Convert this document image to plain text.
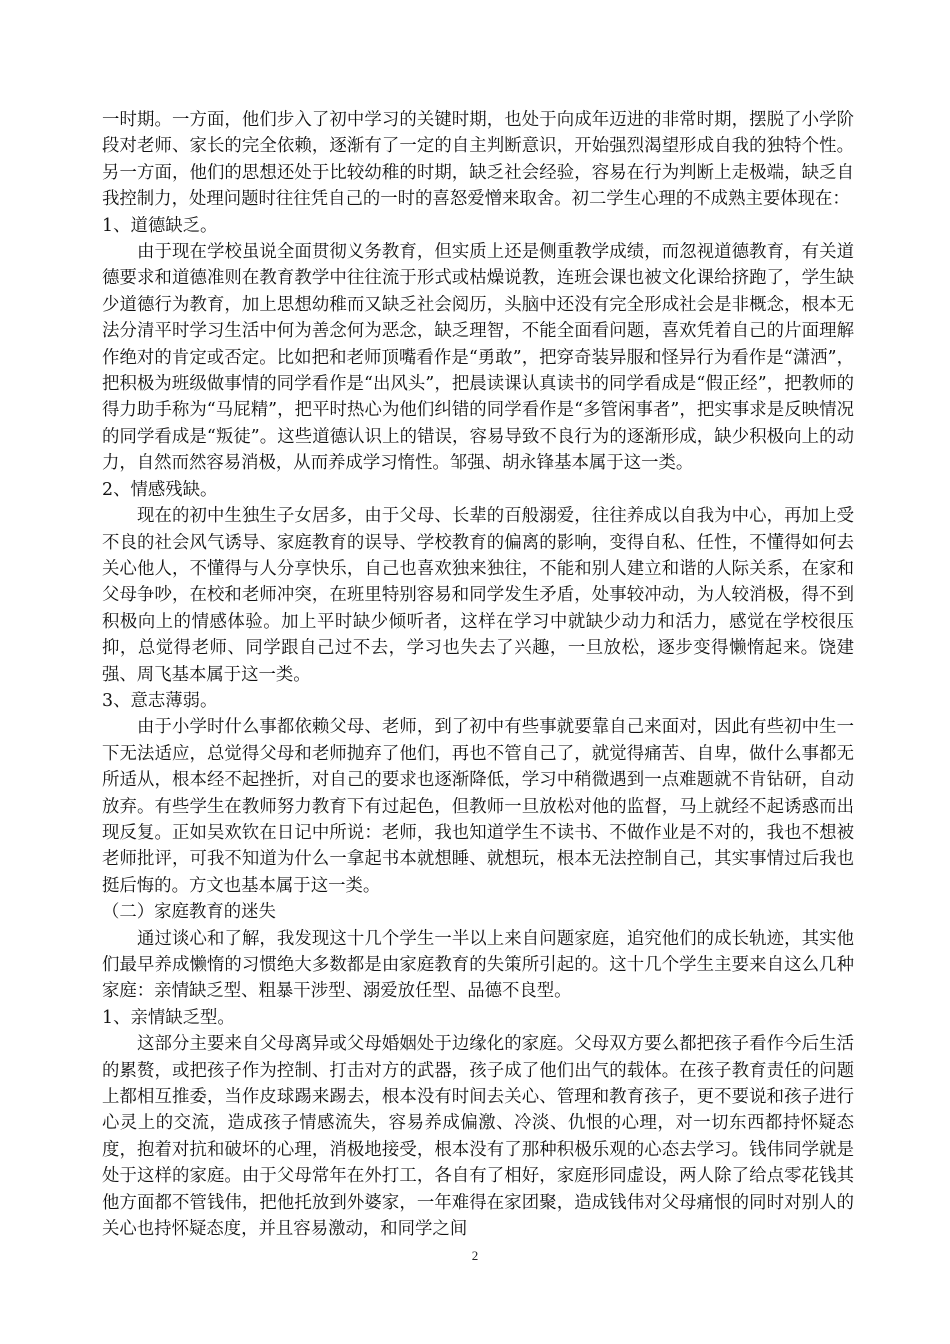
一时期。一方面，他们步入了初中学习的关键时期，也处于向成年迈进的非常时期，摆脱了小学阶段对老师、家长的完全依赖，逐渐有了一定的自主判断意识，开始强烈渴望形成自我的独特个性。另一方面，他们的思想还处于比较幼稚的时期，缺乏社会经验，容易在行为判断上走极端，缺乏自我控制力，处理问题时往往凭自己的一时的喜怒爱憎来取舍。初二学生心理的不成熟主要体现在：

1、道德缺乏。

由于现在学校虽说全面贯彻义务教育，但实质上还是侧重教学成绩，而忽视道德教育，有关道德要求和道德准则在教育教学中往往流于形式或枯燥说教，连班会课也被文化课给挤跑了，学生缺少道德行为教育，加上思想幼稚而又缺乏社会阅历，头脑中还没有完全形成社会是非概念，根本无法分清平时学习生活中何为善念何为恶念，缺乏理智，不能全面看问题，喜欢凭着自己的片面理解作绝对的肯定或否定。比如把和老师顶嘴看作是“勇敢”，把穿奇装异服和怪异行为看作是“潇洒”，把积极为班级做事情的同学看作是“出风头”，把晨读课认真读书的同学看成是“假正经”，把教师的得力助手称为“马屁精”，把平时热心为他们纠错的同学看作是“多管闲事者”，把实事求是反映情况的同学看成是“叛徒”。这些道德认识上的错误，容易导致不良行为的逐渐形成，缺少积极向上的动力，自然而然容易消极，从而养成学习惰性。邹强、胡永锋基本属于这一类。

2、情感残缺。

现在的初中生独生子女居多，由于父母、长辈的百般溺爱，往往养成以自我为中心，再加上受不良的社会风气诱导、家庭教育的误导、学校教育的偏离的影响，变得自私、任性，不懂得如何去关心他人，不懂得与人分享快乐，自己也喜欢独来独往，不能和别人建立和谐的人际关系，在家和父母争吵，在校和老师冲突，在班里特别容易和同学发生矛盾，处事较冲动，为人较消极，得不到积极向上的情感体验。加上平时缺少倾听者，这样在学习中就缺少动力和活力，感觉在学校很压抑，总觉得老师、同学跟自己过不去，学习也失去了兴趣，一旦放松，逐步变得懒惰起来。饶建强、周飞基本属于这一类。

3、意志薄弱。

由于小学时什么事都依赖父母、老师，到了初中有些事就要靠自己来面对，因此有些初中生一下无法适应，总觉得父母和老师抛弃了他们，再也不管自己了，就觉得痛苦、自卑，做什么事都无所适从，根本经不起挫折，对自己的要求也逐渐降低，学习中稍微遇到一点难题就不肯钻研，自动放弃。有些学生在教师努力教育下有过起色，但教师一旦放松对他的监督，马上就经不起诱惑而出现反复。正如吴欢钦在日记中所说：老师，我也知道学生不读书、不做作业是不对的，我也不想被老师批评，可我不知道为什么一拿起书本就想睡、就想玩，根本无法控制自己，其实事情过后我也挺后悔的。方文也基本属于这一类。

（二）家庭教育的迷失

通过谈心和了解，我发现这十几个学生一半以上来自问题家庭，追究他们的成长轨迹，其实他们最早养成懒惰的习惯绝大多数都是由家庭教育的失策所引起的。这十几个学生主要来自这么几种家庭：亲情缺乏型、粗暴干涉型、溺爱放任型、品德不良型。

1、亲情缺乏型。

这部分主要来自父母离异或父母婚姻处于边缘化的家庭。父母双方要么都把孩子看作今后生活的累赘，或把孩子作为控制、打击对方的武器，孩子成了他们出气的载体。在孩子教育责任的问题上都相互推委，当作皮球踢来踢去，根本没有时间去关心、管理和教育孩子，更不要说和孩子进行心灵上的交流，造成孩子情感流失，容易养成偏激、冷淡、仇恨的心理，对一切东西都持怀疑态度，抱着对抗和破坏的心理，消极地接受，根本没有了那种积极乐观的心态去学习。钱伟同学就是处于这样的家庭。由于父母常年在外打工，各自有了相好，家庭形同虚设，两人除了给点零花钱其他方面都不管钱伟，把他托放到外婆家，一年难得在家团聚，造成钱伟对父母痛恨的同时对别人的关心也持怀疑态度，并且容易激动，和同学之间

2
